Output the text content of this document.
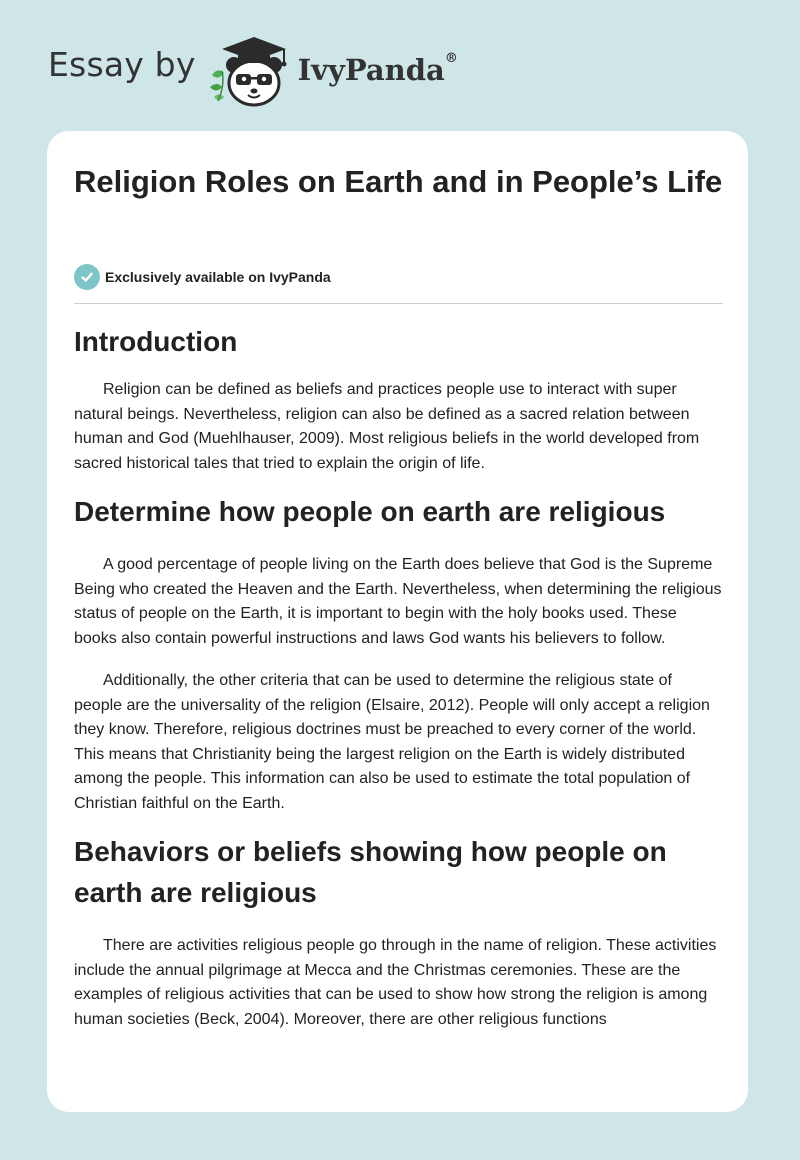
Essay by	IvyPanda®
Religion Roles on Earth and in People’s Life
Exclusively available on IvyPanda
Introduction

Religion can be defined as beliefs and practices people use to interact with super natural beings. Nevertheless, religion can also be defined as a sacred relation between human and God (Muehlhauser, 2009). Most religious beliefs in the world developed from sacred historical tales that tried to explain the origin of life.

Determine how people on earth are religious

A good percentage of people living on the Earth does believe that God is the Supreme Being who created the Heaven and the Earth. Nevertheless, when determining the religious status of people on the Earth, it is important to begin with the holy books used. These books also contain powerful instructions and laws God wants his believers to follow.

Additionally, the other criteria that can be used to determine the religious state of people are the universality of the religion (Elsaire, 2012). People will only accept a religion they know. Therefore, religious doctrines must be preached to every corner of the world. This means that Christianity being the largest religion on the Earth is widely distributed among the people. This information can also be used to estimate the total population of Christian faithful on the Earth.

Behaviors or beliefs showing how people on earth are religious

There are activities religious people go through in the name of religion. These activities include the annual pilgrimage at Mecca and the Christmas ceremonies. These are the examples of religious activities that can be used to show how strong the religion is among human societies (Beck, 2004). Moreover, there are other religious functions
